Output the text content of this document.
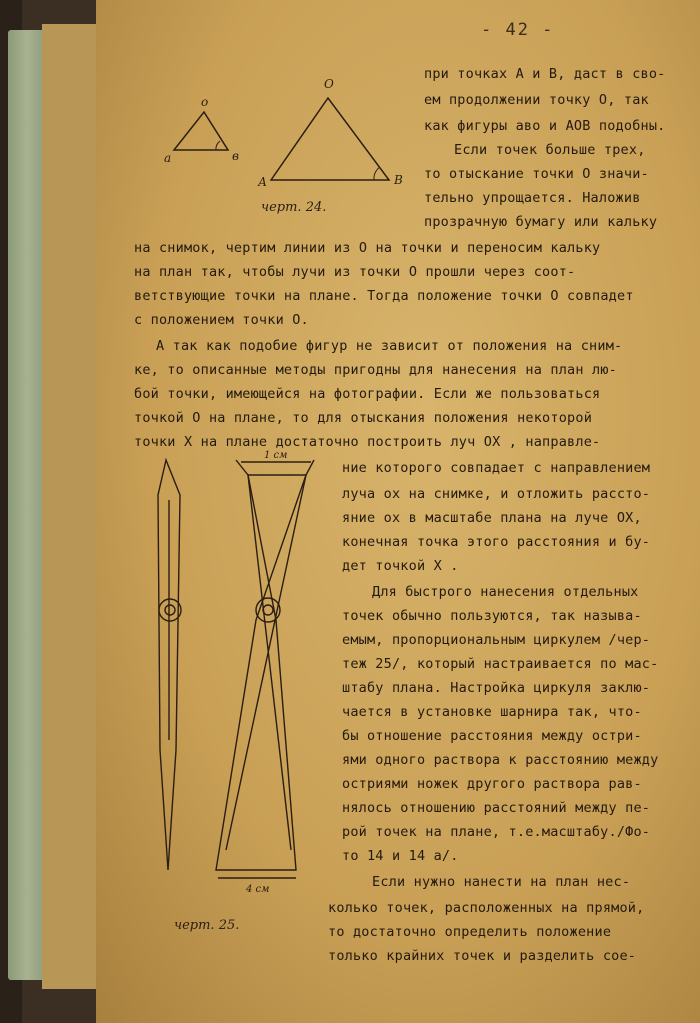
- 42 -
о
а	в
А
О
В
черт. 24.
1 см
4 см
черт. 25.
при точках А и В, даст в сво-
ем продолжении точку О, так
как фигуры аво и АОВ подобны.
Если точек больше трех,
то отыскание точки О значи-
тельно упрощается. Наложив
прозрачную бумагу или кальку
на снимок, чертим линии из О на точки и переносим кальку
на план так, чтобы лучи из точки О прошли через соот-
ветствующие точки на плане. Тогда положение точки О совпадет
с положением точки О.
А так как подобие фигур не зависит от положения на сним-
ке, то описанные методы пригодны для нанесения на план лю-
бой точки, имеющейся на фотографии. Если же пользоваться
точкой О на плане, то для отыскания положения некоторой
точки Х на плане достаточно построить луч ОХ , направле-
ние которого совпадает с направлением
луча ох на снимке, и отложить рассто-
яние ох в масштабе плана на луче ОХ,
конечная точка этого расстояния и бу-
дет точкой Х .
Для быстрого нанесения отдельных
точек обычно пользуются, так называ-
емым, пропорциональным циркулем /чер-
теж 25/, который настраивается по мас-
штабу плана. Настройка циркуля заклю-
чается в установке шарнира так, что-
бы отношение расстояния между остри-
ями одного раствора к расстоянию между
остриями ножек другого раствора рав-
нялось отношению расстояний между пе-
рой точек на плане, т.е.масштабу./Фо-
то 14 и 14 а/.
Если нужно нанести на план нес-
колько точек, расположенных на прямой,
то достаточно определить положение
только крайних точек и разделить сое-
